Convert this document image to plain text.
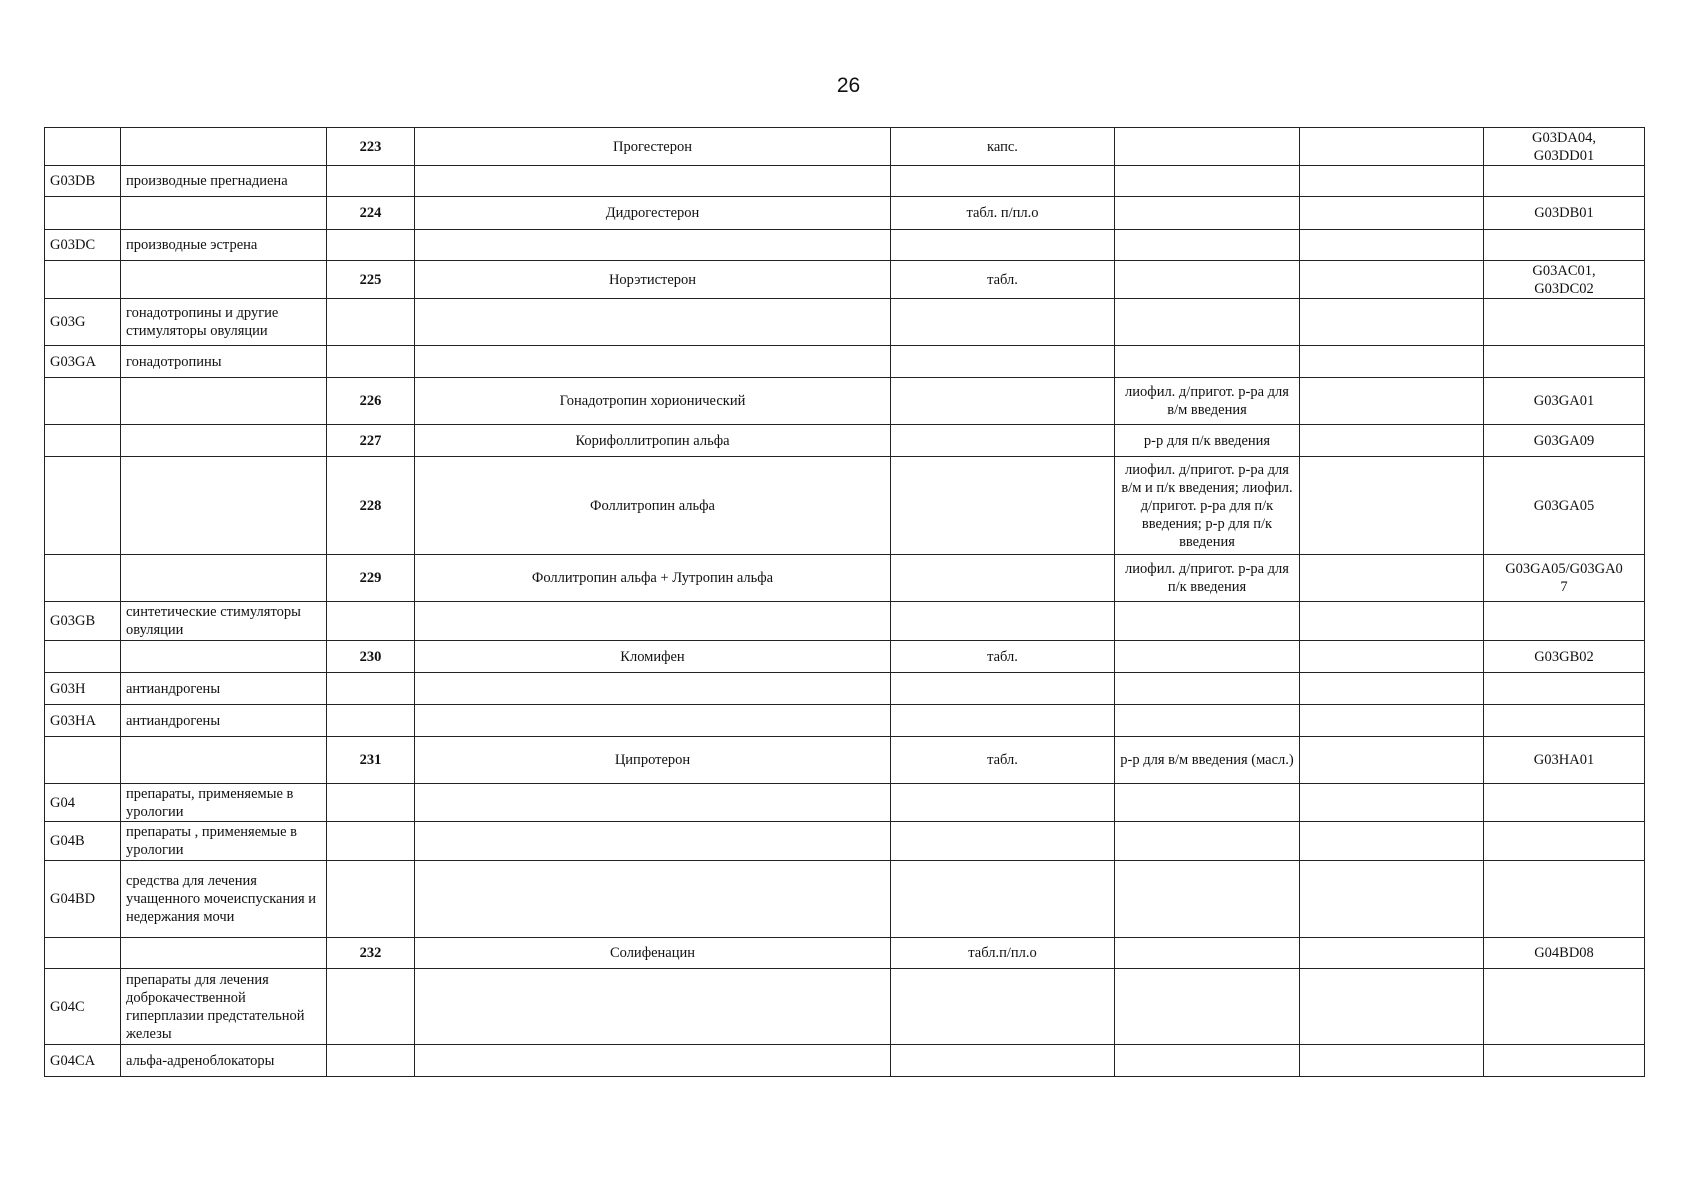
26
		223	Прогестерон	капс.			G03DA04,
G03DD01
G03DB	производные прегнадиена						
		224	Дидрогестерон	табл. п/пл.о			G03DB01
G03DC	производные эстрена						
		225	Норэтистерон	табл.			G03AC01,
G03DC02
G03G	гонадотропины и другие стимуляторы овуляции						
G03GA	гонадотропины						
		226	Гонадотропин хорионический		лиофил. д/пригот. р-ра для в/м введения		G03GA01
		227	Корифоллитропин альфа		р-р для п/к введения		G03GA09
		228	Фоллитропин альфа		лиофил. д/пригот. р-ра для в/м и п/к введения; лиофил. д/пригот. р-ра для п/к введения; р-р для п/к введения		G03GA05
		229	Фоллитропин альфа + Лутропин альфа		лиофил. д/пригот. р-ра для п/к введения		G03GA05/G03GA0
7
G03GB	синтетические стимуляторы овуляции						
		230	Кломифен	табл.			G03GB02
G03H	антиандрогены						
G03HA	антиандрогены						
		231	Ципротерон	табл.	р-р для в/м введения (масл.)		G03HA01
G04	препараты, применяемые в урологии						
G04B	препараты , применяемые в урологии						
G04BD	средства для лечения учащенного мочеиспускания и недержания мочи						
		232	Солифенацин	табл.п/пл.о			G04BD08
G04C	препараты для лечения доброкачественной гиперплазии предстательной железы						
G04CA	альфа-адреноблокаторы						
